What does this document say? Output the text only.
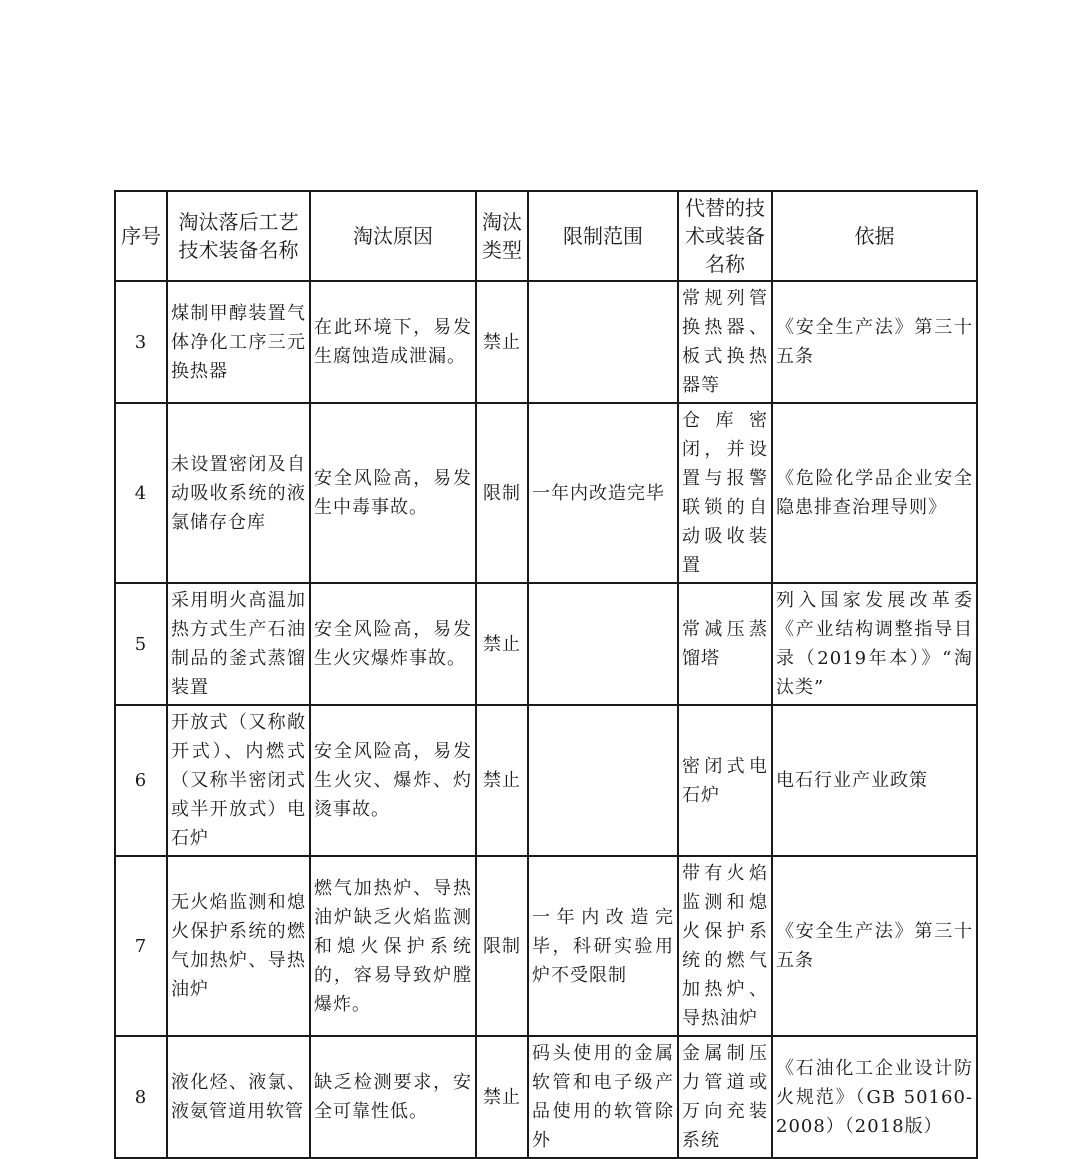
序号	淘汰落后工艺技术装备名称	淘汰原因	淘汰类型	限制范围	代替的技术或装备名称	依据
3	煤制甲醇装置气体净化工序三元换热器	在此环境下，易发生腐蚀造成泄漏。	禁止		常规列管换热器、板式换热器等	《安全生产法》第三十五条
4	未设置密闭及自动吸收系统的液氯储存仓库	安全风险高，易发生中毒事故。	限制	一年内改造完毕	仓库密闭，并设置与报警联锁的自动吸收装置	《危险化学品企业安全隐患排查治理导则》
5	采用明火高温加热方式生产石油制品的釜式蒸馏装置	安全风险高，易发生火灾爆炸事故。	禁止		常减压蒸馏塔	列入国家发展改革委《产业结构调整指导目录（2019年本）》“淘汰类”
6	开放式（又称敞开式）、内燃式（又称半密闭式或半开放式）电石炉	安全风险高，易发生火灾、爆炸、灼烫事故。	禁止		密闭式电石炉	电石行业产业政策
7	无火焰监测和熄火保护系统的燃气加热炉、导热油炉	燃气加热炉、导热油炉缺乏火焰监测和熄火保护系统的，容易导致炉膛爆炸。	限制	一年内改造完毕，科研实验用炉不受限制	带有火焰监测和熄火保护系统的燃气加热炉、导热油炉	《安全生产法》第三十五条
8	液化烃、液氯、液氨管道用软管	缺乏检测要求，安全可靠性低。	禁止	码头使用的金属软管和电子级产品使用的软管除外	金属制压力管道或万向充装系统	《石油化工企业设计防火规范》（GB 50160-2008）（2018版）
